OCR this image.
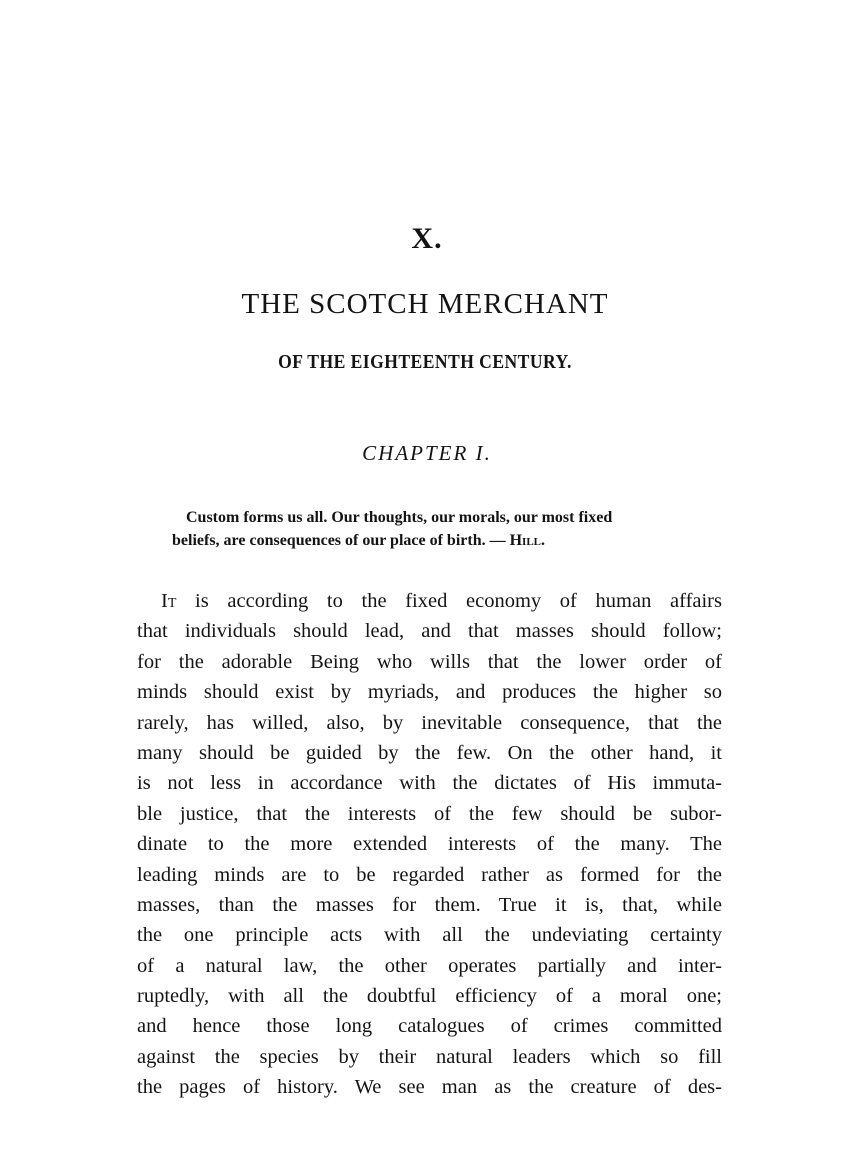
X.
THE SCOTCH MERCHANT
OF THE EIGHTEENTH CENTURY.
CHAPTER I.
Custom forms us all. Our thoughts, our morals, our most fixed
beliefs, are consequences of our place of birth. — Hill.
It is according to the fixed economy of human affairs
that individuals should lead, and that masses should follow;
for the adorable Being who wills that the lower order of
minds should exist by myriads, and produces the higher so
rarely, has willed, also, by inevitable consequence, that the
many should be guided by the few. On the other hand, it
is not less in accordance with the dictates of His immuta-
ble justice, that the interests of the few should be subor-
dinate to the more extended interests of the many. The
leading minds are to be regarded rather as formed for the
masses, than the masses for them. True it is, that, while
the one principle acts with all the undeviating certainty
of a natural law, the other operates partially and inter-
ruptedly, with all the doubtful efficiency of a moral one;
and hence those long catalogues of crimes committed
against the species by their natural leaders which so fill
the pages of history. We see man as the creature of des-
